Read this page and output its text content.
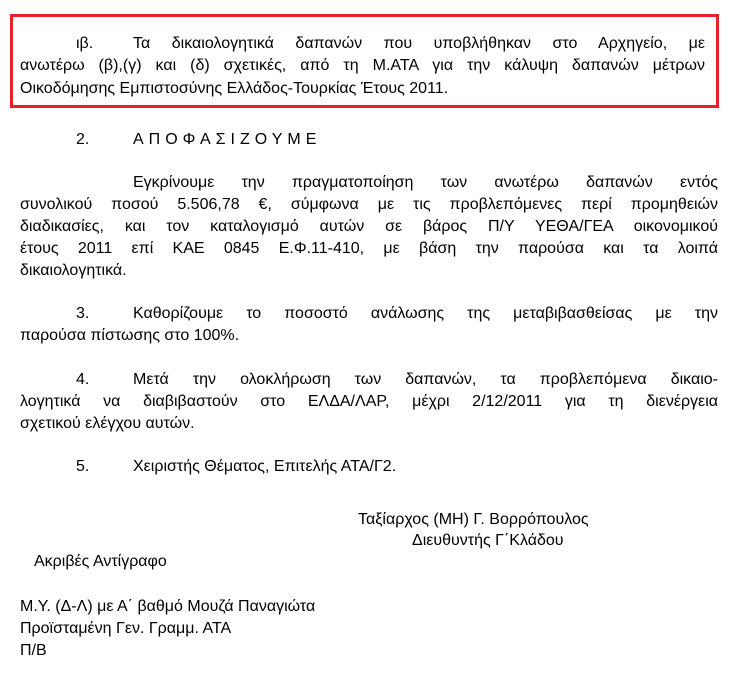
ιβ. Τα δικαιολογητικά δαπανών που υποβλήθηκαν στο Αρχηγείο, με
ανωτέρω (β),(γ) και (δ) σχετικές, από τη Μ.ΑΤΑ για την κάλυψη δαπανών μέτρων
Οικοδόμησης Εμπιστοσύνης Ελλάδος-Τουρκίας Έτους 2011.
2.	ΑΠΟΦΑΣΙΖΟΥΜΕ
Εγκρίνουμε την πραγματοποίηση των ανωτέρω δαπανών εντός
συνολικού ποσού 5.506,78 €, σύμφωνα με τις προβλεπόμενες περί προμηθειών
διαδικασίες, και τον καταλογισμό αυτών σε βάρος Π/Υ ΥΕΘΑ/ΓΕΑ οικονομικού
έτους 2011 επί ΚΑΕ 0845 Ε.Φ.11-410, με βάση την παρούσα και τα λοιπά
δικαιολογητικά.
3.	Καθορίζουμε το ποσοστό ανάλωσης της μεταβιβασθείσας με την
παρούσα πίστωσης στο 100%.
4.	Μετά την ολοκλήρωση των δαπανών, τα προβλεπόμενα δικαιο-
λογητικά να διαβιβαστούν στο ΕΛΔΑ/ΛΑΡ, μέχρι 2/12/2011 για τη διενέργεια
σχετικού ελέγχου αυτών.
5.	Χειριστής Θέματος, Επιτελής ΑΤΑ/Γ2.
Ταξίαρχος (ΜΗ) Γ. Βορρόπουλος
Διευθυντής Γ΄Κλάδου
Ακριβές Αντίγραφο
Μ.Υ. (Δ-Λ) με Α΄ βαθμό Μουζά Παναγιώτα
Προϊσταμένη Γεν. Γραμμ. ΑΤΑ
Π/Β
